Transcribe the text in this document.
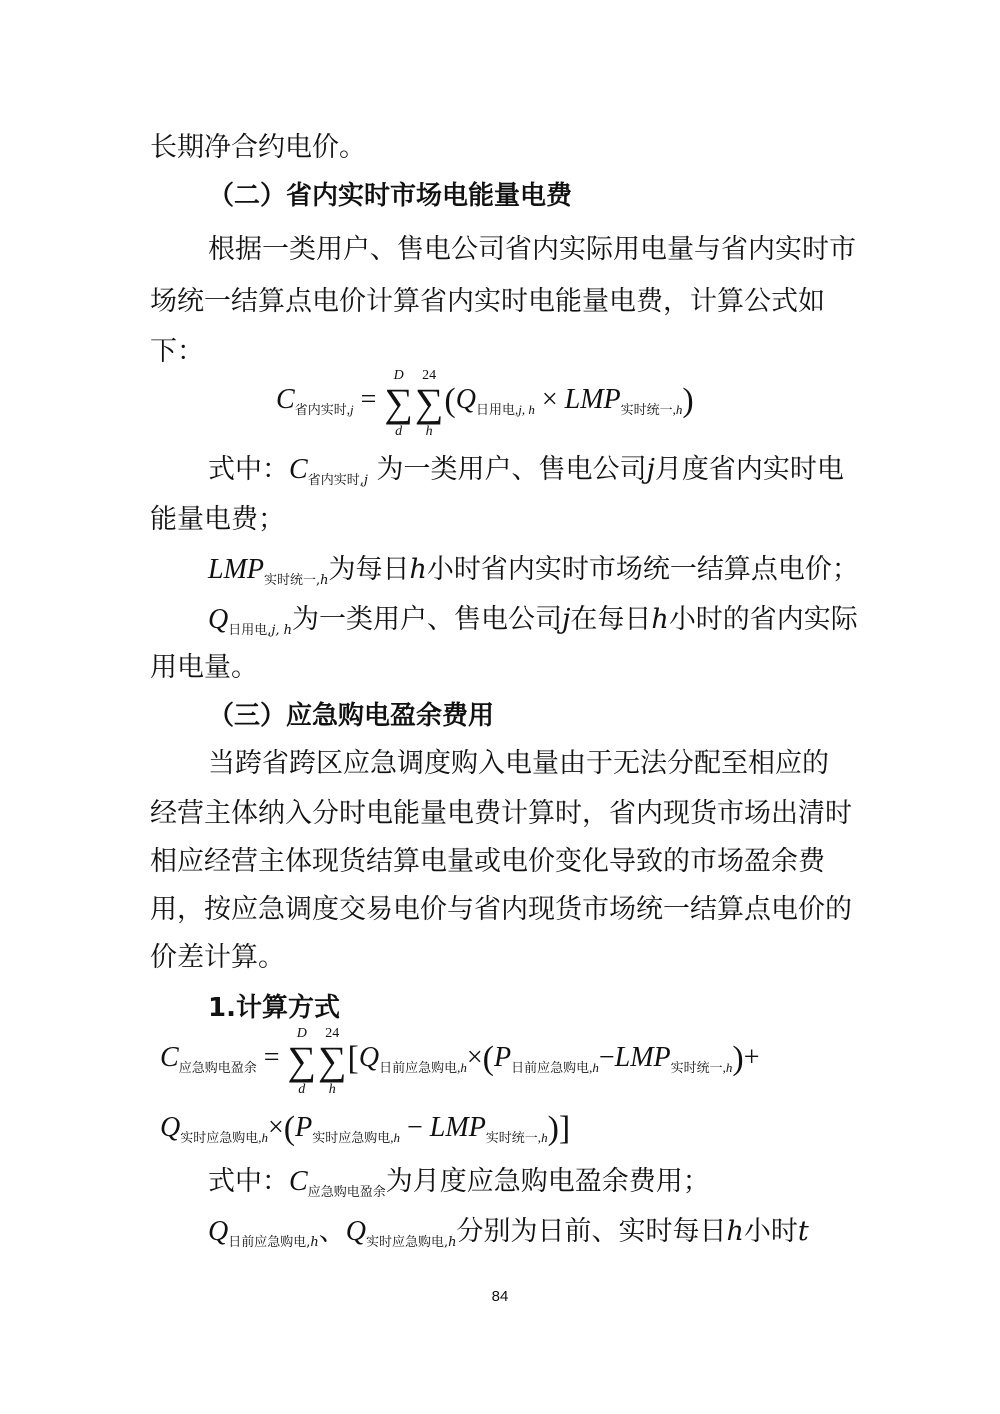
长期净合约电价。
（二）省内实时市场电能量电费
根据一类用户、售电公司省内实际用电量与省内实时市
场统一结算点电价计算省内实时电能量电费，计算公式如
下：
$C_{省内实时,j}$ =
D
∑
d
24
∑
h
$(Q_{日用电,j, h} \times LMP_{实时统一,h})$
式中：$C_{省内实时,j}$ 为一类用户、售电公司j月度省内实时电
能量电费；
$LMP_{实时统一,h}$为每日h小时省内实时市场统一结算点电价；
$Q_{日用电,j, h}$为一类用户、售电公司j在每日h小时的省内实际
用电量。
（三）应急购电盈余费用
当跨省跨区应急调度购入电量由于无法分配至相应的
经营主体纳入分时电能量电费计算时，省内现货市场出清时
相应经营主体现货结算电量或电价变化导致的市场盈余费
用，按应急调度交易电价与省内现货市场统一结算点电价的
价差计算。
1.计算方式
$C_{应急购电盈余}$ =
D
∑
d
24
∑
h
[$Q_{日前应急购电,h}\times(P_{日前应急购电,h}-LMP_{实时统一,h})+$
$Q_{实时应急购电,h}\times(P_{实时应急购电,h} - LMP_{实时统一,h})$]
式中：$C_{应急购电盈余}$为月度应急购电盈余费用；
$Q_{日前应急购电,h}$、$Q_{实时应急购电,h}$分别为日前、实时每日h小时t
84
